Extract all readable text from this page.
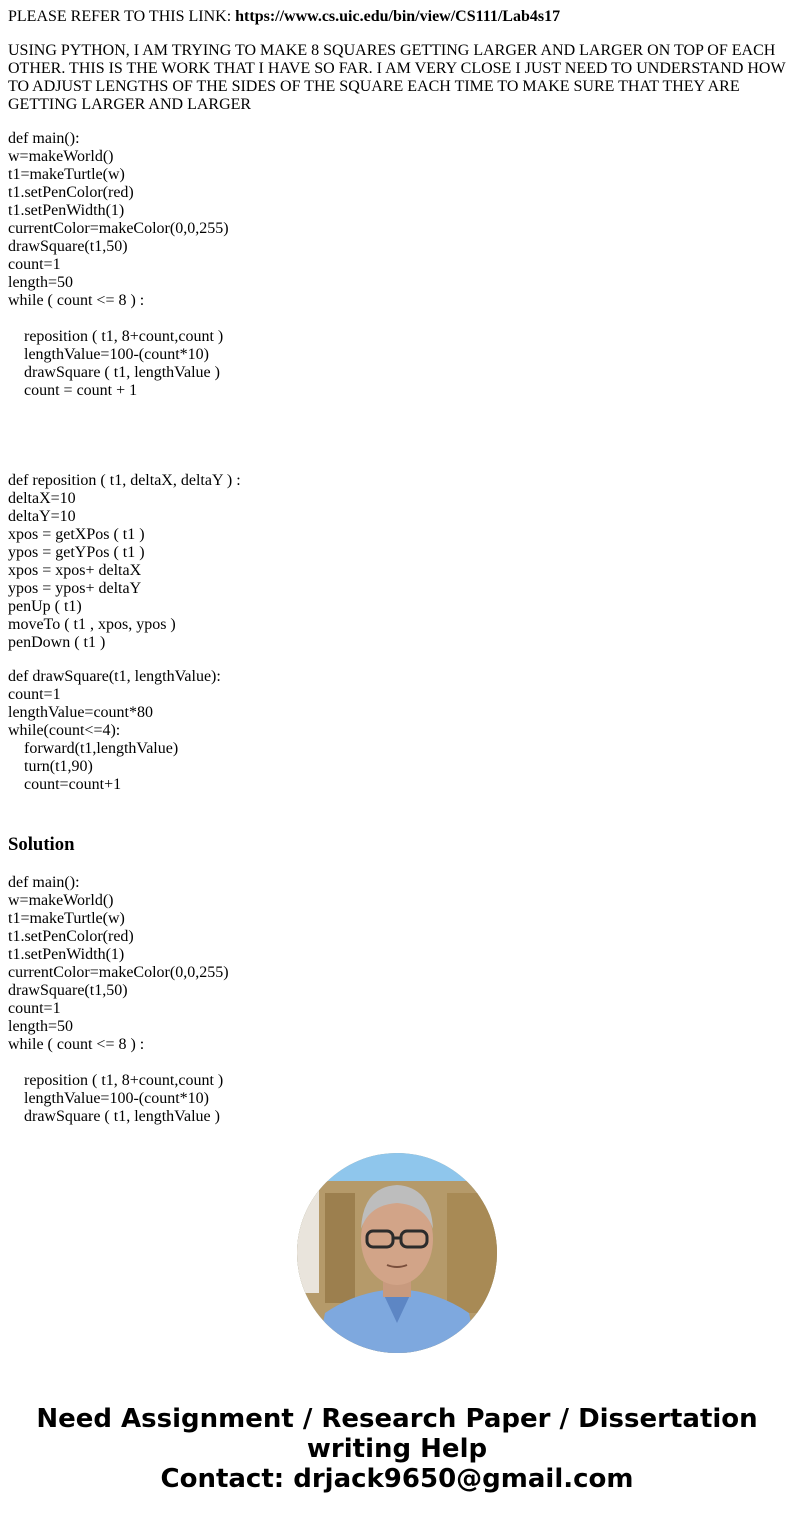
PLEASE REFER TO THIS LINK: https://www.cs.uic.edu/bin/view/CS111/Lab4s17

USING PYTHON, I AM TRYING TO MAKE 8 SQUARES GETTING LARGER AND LARGER ON TOP OF EACH OTHER. THIS IS THE WORK THAT I HAVE SO FAR. I AM VERY CLOSE I JUST NEED TO UNDERSTAND HOW TO ADJUST LENGTHS OF THE SIDES OF THE SQUARE EACH TIME TO MAKE SURE THAT THEY ARE GETTING LARGER AND LARGER

def main():
w=makeWorld()
t1=makeTurtle(w)
t1.setPenColor(red)
t1.setPenWidth(1)
currentColor=makeColor(0,0,255)
drawSquare(t1,50)
count=1
length=50
while ( count <= 8 ) :
reposition ( t1, 8+count,count )
lengthValue=100-(count*10)
drawSquare ( t1, lengthValue )
count = count + 1
def reposition ( t1, deltaX, deltaY ) :
deltaX=10
deltaY=10
xpos = getXPos ( t1 )
ypos = getYPos ( t1 )
xpos = xpos+ deltaX
ypos = ypos+ deltaY
penUp ( t1)
moveTo ( t1 , xpos, ypos )
penDown ( t1 )
def drawSquare(t1, lengthValue):
count=1
lengthValue=count*80
while(count<=4):
forward(t1,lengthValue)
turn(t1,90)
count=count+1
Solution
def main():
w=makeWorld()
t1=makeTurtle(w)
t1.setPenColor(red)
t1.setPenWidth(1)
currentColor=makeColor(0,0,255)
drawSquare(t1,50)
count=1
length=50
while ( count <= 8 ) :
reposition ( t1, 8+count,count )
lengthValue=100-(count*10)
drawSquare ( t1, lengthValue )
Need Assignment / Research Paper / Dissertation
writing Help
Contact: drjack9650@gmail.com
